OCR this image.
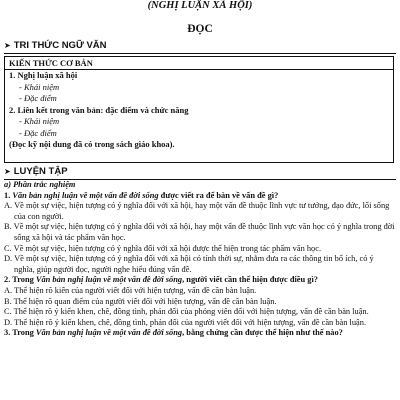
(NGHỊ LUẬN XÃ HỘI)
ĐỌC
➤ TRI THỨC NGỮ VĂN
KIẾN THỨC CƠ BẢN
1. Nghị luận xã hội
- Khái niệm
- Đặc điểm
2. Liên kết trong văn bản: đặc điểm và chức năng
- Khái niệm
- Đặc điểm
(Đọc kỹ nội dung đã có trong sách giáo khoa).
➤ LUYỆN TẬP

a) Phần trắc nghiệm

1. Văn bản nghị luận về một vấn đề đời sống được viết ra để bàn về vấn đề gì?

A. Về một sự việc, hiện tượng có ý nghĩa đối với xã hội, hay một vấn đề thuộc lĩnh vực tư tưởng, đạo đức, lối sống của con người.

B. Về một sự việc, hiện tượng có ý nghĩa đối với xã hội, hay một vấn đề thuộc lĩnh vực văn học có ý nghĩa trong đời sống xã hội và tác phẩm văn học.

C. Về một sự việc, hiện tượng có ý nghĩa đối với xã hội được thể hiện trong tác phẩm văn học.

D. Về một sự việc, hiện tượng có ý nghĩa đối với xã hội có tính thời sự, nhằm đưa ra các thông tin bổ ích, có ý nghĩa, giúp người đọc, người nghe hiểu đúng vấn đề.

2. Trong Văn bản nghị luận về một vấn đề đời sống, người viết cần thể hiện được điều gì?

A. Thể hiện rõ kiến của người viết đối với hiện tượng, vấn đề cần bàn luận.

B. Thể hiện rõ quan điểm của người viết đối với hiện tượng, vấn đề cần bàn luận.

C. Thể hiện rõ ý kiến khen, chê, đồng tình, phản đối của phóng viên đối với hiện tượng, vấn đề cần bàn luận.

D. Thể hiện rõ ý kiến khen, chê, đồng tình, phản đối của người viết đối với hiện tượng, vấn đề cần bàn luận.

3. Trong Văn bản nghị luận về một vấn đề đời sống, bằng chứng cần được thể hiện như thế nào?
